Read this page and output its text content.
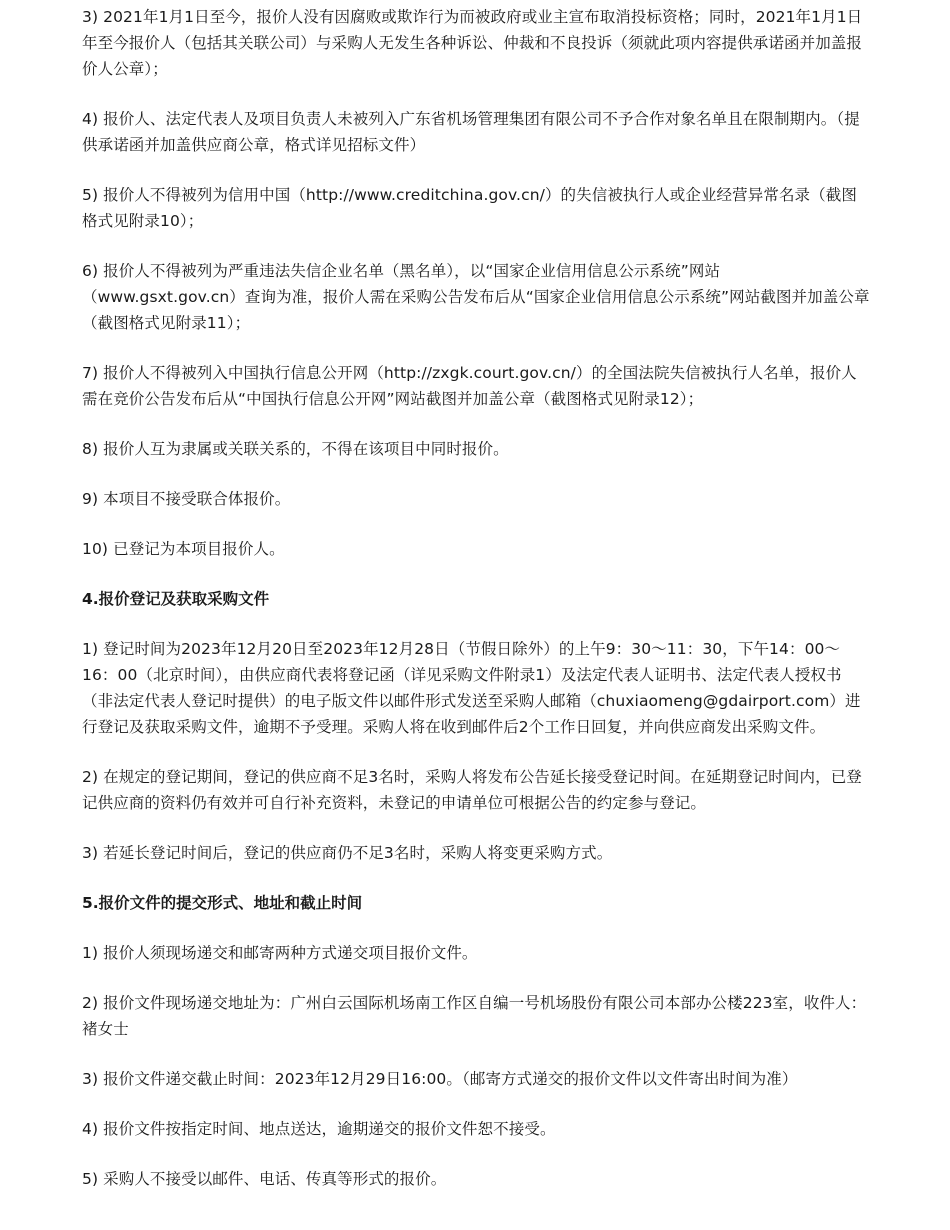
3) 2021年1月1日至今，报价人没有因腐败或欺诈行为而被政府或业主宣布取消投标资格；同时，2021年1月1日年至今报价人（包括其关联公司）与采购人无发生各种诉讼、仲裁和不良投诉（须就此项内容提供承诺函并加盖报价人公章）；

4) 报价人、法定代表人及项目负责人未被列入广东省机场管理集团有限公司不予合作对象名单且在限制期内。（提供承诺函并加盖供应商公章，格式详见招标文件）

5) 报价人不得被列为信用中国（http://www.creditchina.gov.cn/）的失信被执行人或企业经营异常名录（截图格式见附录10）；

6) 报价人不得被列为严重违法失信企业名单（黑名单），以“国家企业信用信息公示系统”网站（www.gsxt.gov.cn）查询为准，报价人需在采购公告发布后从“国家企业信用信息公示系统”网站截图并加盖公章（截图格式见附录11）；

7) 报价人不得被列入中国执行信息公开网（http://zxgk.court.gov.cn/）的全国法院失信被执行人名单，报价人需在竞价公告发布后从“中国执行信息公开网”网站截图并加盖公章（截图格式见附录12）；

8) 报价人互为隶属或关联关系的，不得在该项目中同时报价。

9) 本项目不接受联合体报价。

10) 已登记为本项目报价人。

4.报价登记及获取采购文件

1) 登记时间为2023年12月20日至2023年12月28日（节假日除外）的上午9：30～11：30，下午14：00～16：00（北京时间），由供应商代表将登记函（详见采购文件附录1）及法定代表人证明书、法定代表人授权书（非法定代表人登记时提供）的电子版文件以邮件形式发送至采购人邮箱（chuxiaomeng@gdairport.com）进行登记及获取采购文件，逾期不予受理。采购人将在收到邮件后2个工作日回复，并向供应商发出采购文件。

2) 在规定的登记期间，登记的供应商不足3名时，采购人将发布公告延长接受登记时间。在延期登记时间内，已登记供应商的资料仍有效并可自行补充资料，未登记的申请单位可根据公告的约定参与登记。

3) 若延长登记时间后，登记的供应商仍不足3名时，采购人将变更采购方式。

5.报价文件的提交形式、地址和截止时间

1) 报价人须现场递交和邮寄两种方式递交项目报价文件。

2) 报价文件现场递交地址为：广州白云国际机场南工作区自编一号机场股份有限公司本部办公楼223室，收件人：褚女士

3) 报价文件递交截止时间：2023年12月29日16:00。（邮寄方式递交的报价文件以文件寄出时间为准）

4) 报价文件按指定时间、地点送达，逾期递交的报价文件恕不接受。

5) 采购人不接受以邮件、电话、传真等形式的报价。
